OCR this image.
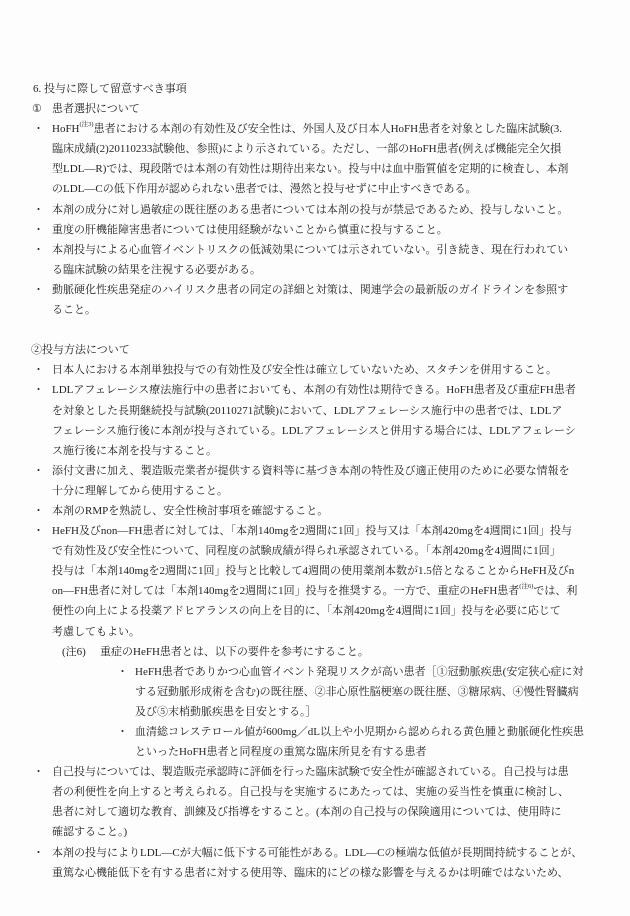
6. 投与に際して留意すべき事項
① 患者選択について
・ HoFH$^{(注3)}$患者における本剤の有効性及び安全性は、外国人及び日本人HoFH患者を対象とした臨床試験(3.
臨床成績(2)20110233試験他、参照)により示されている。ただし、一部のHoFH患者(例えば機能完全欠損
型LDL―R)では、現段階では本剤の有効性は期待出来ない。投与中は血中脂質値を定期的に検査し、本剤
のLDL―Cの低下作用が認められない患者では、漫然と投与せずに中止すべきである。
・ 本剤の成分に対し過敏症の既往歴のある患者については本剤の投与が禁忌であるため、投与しないこと。
・ 重度の肝機能障害患者については使用経験がないことから慎重に投与すること。
・ 本剤投与による心血管イベントリスクの低減効果については示されていない。引き続き、現在行われてい
る臨床試験の結果を注視する必要がある。
・ 動脈硬化性疾患発症のハイリスク患者の同定の詳細と対策は、関連学会の最新版のガイドラインを参照す
ること。
②投与方法について
・ 日本人における本剤単独投与での有効性及び安全性は確立していないため、スタチンを併用すること。
・ LDLアフェレーシス療法施行中の患者においても、本剤の有効性は期待できる。HoFH患者及び重症FH患者
を対象とした長期継続投与試験(20110271試験)において、LDLアフェレーシス施行中の患者では、LDLア
フェレーシス施行後に本剤が投与されている。LDLアフェレーシスと併用する場合には、LDLアフェレーシ
ス施行後に本剤を投与すること。
・ 添付文書に加え、製造販売業者が提供する資料等に基づき本剤の特性及び適正使用のために必要な情報を
十分に理解してから使用すること。
・ 本剤のRMPを熟読し、安全性検討事項を確認すること。
・ HeFH及びnon―FH患者に対しては、「本剤140mgを2週間に1回」投与又は「本剤420mgを4週間に1回」投与
で有効性及び安全性について、同程度の試験成績が得られ承認されている。「本剤420mgを4週間に1回」
投与は「本剤140mgを2週間に1回」投与と比較して4週間の使用薬剤本数が1.5倍となることからHeFH及びn
on―FH患者に対しては「本剤140mgを2週間に1回」投与を推奨する。一方で、重症のHeFH患者$^{(注6)}$では、利
便性の向上による投薬アドヒアランスの向上を目的に、「本剤420mgを4週間に1回」投与を必要に応じて
考慮してもよい。
(注6) 重症のHeFH患者とは、以下の要件を参考にすること。
・ HeFH患者でありかつ心血管イベント発現リスクが高い患者［①冠動脈疾患(安定狭心症に対
する冠動脈形成術を含む)の既往歴、②非心原性脳梗塞の既往歴、③糖尿病、④慢性腎臓病
及び⑤末梢動脈疾患を目安とする。］
・ 血清総コレステロール値が600mg／dL以上や小児期から認められる黄色腫と動脈硬化性疾患
といったHoFH患者と同程度の重篤な臨床所見を有する患者
・ 自己投与については、製造販売承認時に評価を行った臨床試験で安全性が確認されている。自己投与は患
者の利便性を向上すると考えられる。自己投与を実施するにあたっては、実施の妥当性を慎重に検討し、
患者に対して適切な教育、訓練及び指導をすること。(本剤の自己投与の保険適用については、使用時に
確認すること。)
・ 本剤の投与によりLDL―Cが大幅に低下する可能性がある。LDL―Cの極端な低値が長期間持続することが、
重篤な心機能低下を有する患者に対する使用等、臨床的にどの様な影響を与えるかは明確ではないため、
